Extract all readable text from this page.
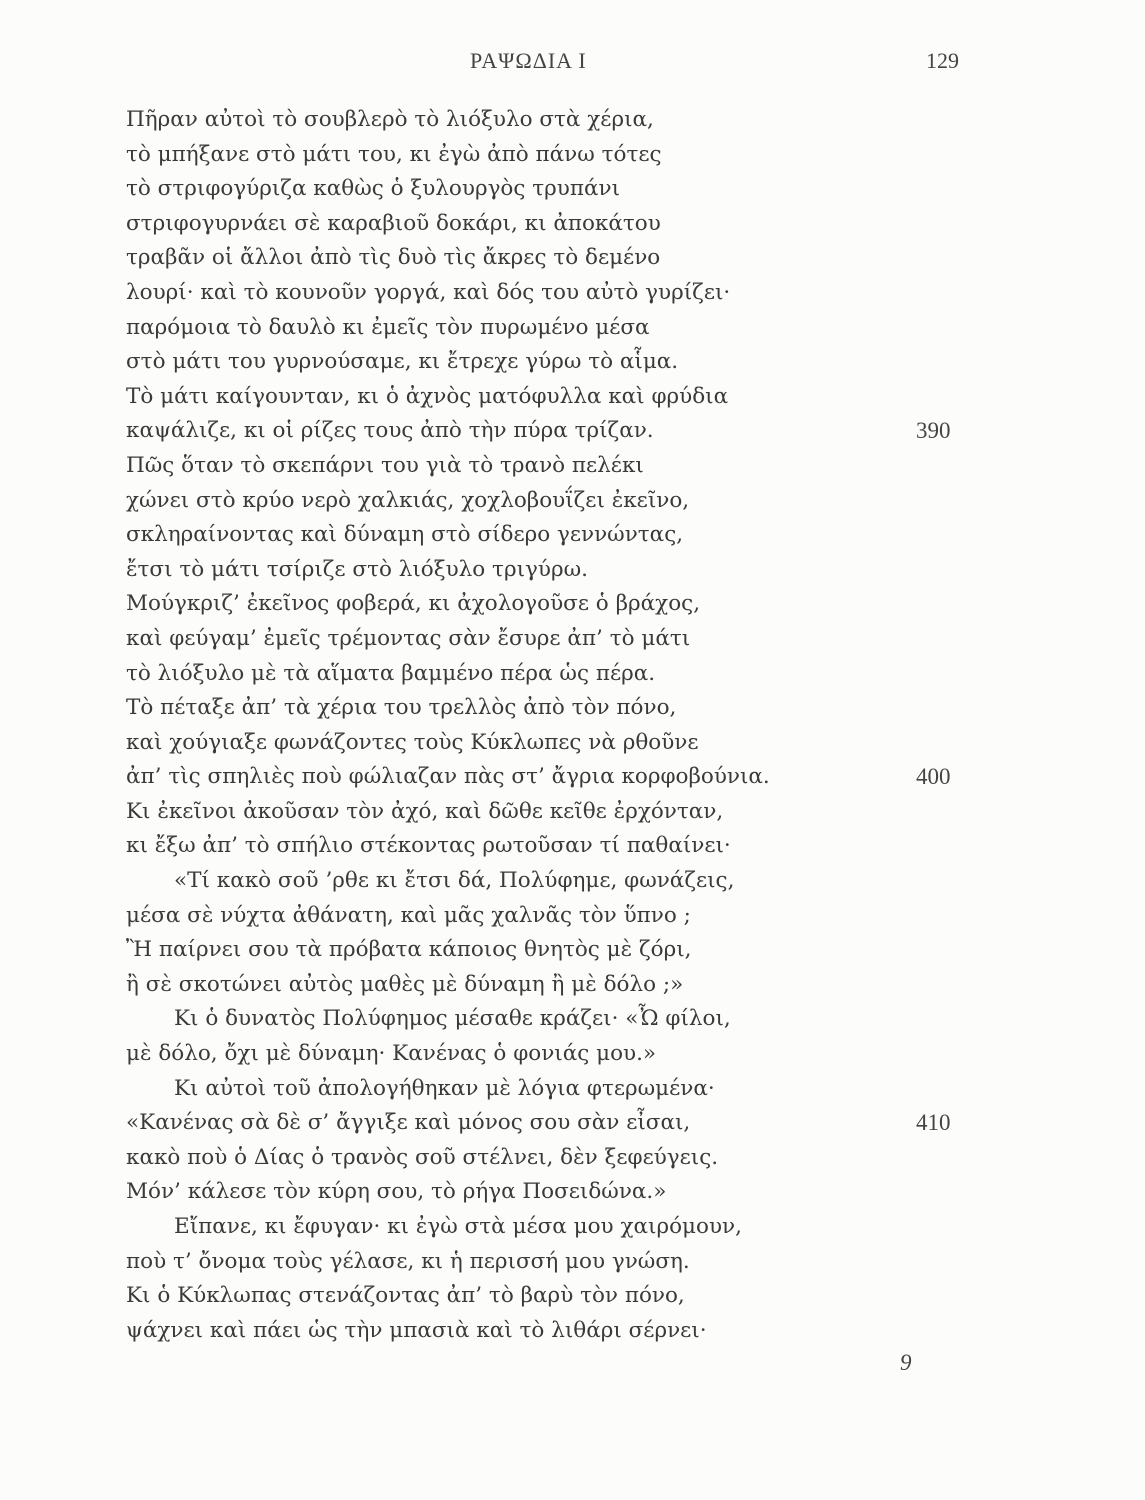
ΡΑΨΩΔΙΑ Ι	129
Πῆραν αὐτοὶ τὸ σουβλερὸ τὸ λιόξυλο στὰ χέρια,
τὸ μπήξανε στὸ μάτι του, κι ἐγὼ ἀπὸ πάνω τότες
τὸ στριφογύριζα καθὼς ὁ ξυλουργὸς τρυπάνι
στριφογυρνάει σὲ καραβιοῦ δοκάρι, κι ἀποκάτου
τραβᾶν οἱ ἄλλοι ἀπὸ τὶς δυὸ τὶς ἄκρες τὸ δεμένο
λουρί· καὶ τὸ κουνοῦν γοργά, καὶ δός του αὐτὸ γυρίζει·
παρόμοια τὸ δαυλὸ κι ἐμεῖς τὸν πυρωμένο μέσα
στὸ μάτι του γυρνούσαμε, κι ἔτρεχε γύρω τὸ αἷμα.
Τὸ μάτι καίγουνταν, κι ὁ ἀχνὸς ματόφυλλα καὶ φρύδια
καψάλιζε, κι οἱ ρίζες τους ἀπὸ τὴν πύρα τρίζαν.	390
Πῶς ὅταν τὸ σκεπάρνι του γιὰ τὸ τρανὸ πελέκι
χώνει στὸ κρύο νερὸ χαλκιάς, χοχλοβουΐζει ἐκεῖνο,
σκληραίνοντας καὶ δύναμη στὸ σίδερο γεννώντας,
ἔτσι τὸ μάτι τσίριζε στὸ λιόξυλο τριγύρω.
Μούγκριζ’ ἐκεῖνος φοβερά, κι ἀχολογοῦσε ὁ βράχος,
καὶ φεύγαμ’ ἐμεῖς τρέμοντας σὰν ἔσυρε ἀπ’ τὸ μάτι
τὸ λιόξυλο μὲ τὰ αἵματα βαμμένο πέρα ὡς πέρα.
Τὸ πέταξε ἀπ’ τὰ χέρια του τρελλὸς ἀπὸ τὸν πόνο,
καὶ χούγιαξε φωνάζοντες τοὺς Κύκλωπες νὰ ρθοῦνε
ἀπ’ τὶς σπηλιὲς ποὺ φώλιαζαν πὰς στ’ ἄγρια κορφοβούνια.	400
Κι ἐκεῖνοι ἀκοῦσαν τὸν ἀχό, καὶ δῶθε κεῖθε ἐρχόνταν,
κι ἔξω ἀπ’ τὸ σπήλιο στέκοντας ρωτοῦσαν τί παθαίνει·
«Τί κακὸ σοῦ ’ρθε κι ἔτσι δά, Πολύφημε, φωνάζεις,
μέσα σὲ νύχτα ἀθάνατη, καὶ μᾶς χαλνᾶς τὸν ὕπνο ;
Ἢ παίρνει σου τὰ πρόβατα κάποιος θνητὸς μὲ ζόρι,
ἢ σὲ σκοτώνει αὐτὸς μαθὲς μὲ δύναμη ἢ μὲ δόλο ;»
Κι ὁ δυνατὸς Πολύφημος μέσαθε κράζει· «Ὦ φίλοι,
μὲ δόλο, ὄχι μὲ δύναμη· Κανένας ὁ φονιάς μου.»
Κι αὐτοὶ τοῦ ἀπολογήθηκαν μὲ λόγια φτερωμένα·
«Κανένας σὰ δὲ σ’ ἄγγιξε καὶ μόνος σου σὰν εἶσαι,	410
κακὸ ποὺ ὁ Δίας ὁ τρανὸς σοῦ στέλνει, δὲν ξεφεύγεις.
Μόν’ κάλεσε τὸν κύρη σου, τὸ ρήγα Ποσειδώνα.»
Εἴπανε, κι ἔφυγαν· κι ἐγὼ στὰ μέσα μου χαιρόμουν,
ποὺ τ’ ὄνομα τοὺς γέλασε, κι ἡ περισσή μου γνώση.
Κι ὁ Κύκλωπας στενάζοντας ἀπ’ τὸ βαρὺ τὸν πόνο,
ψάχνει καὶ πάει ὡς τὴν μπασιὰ καὶ τὸ λιθάρι σέρνει·
9
